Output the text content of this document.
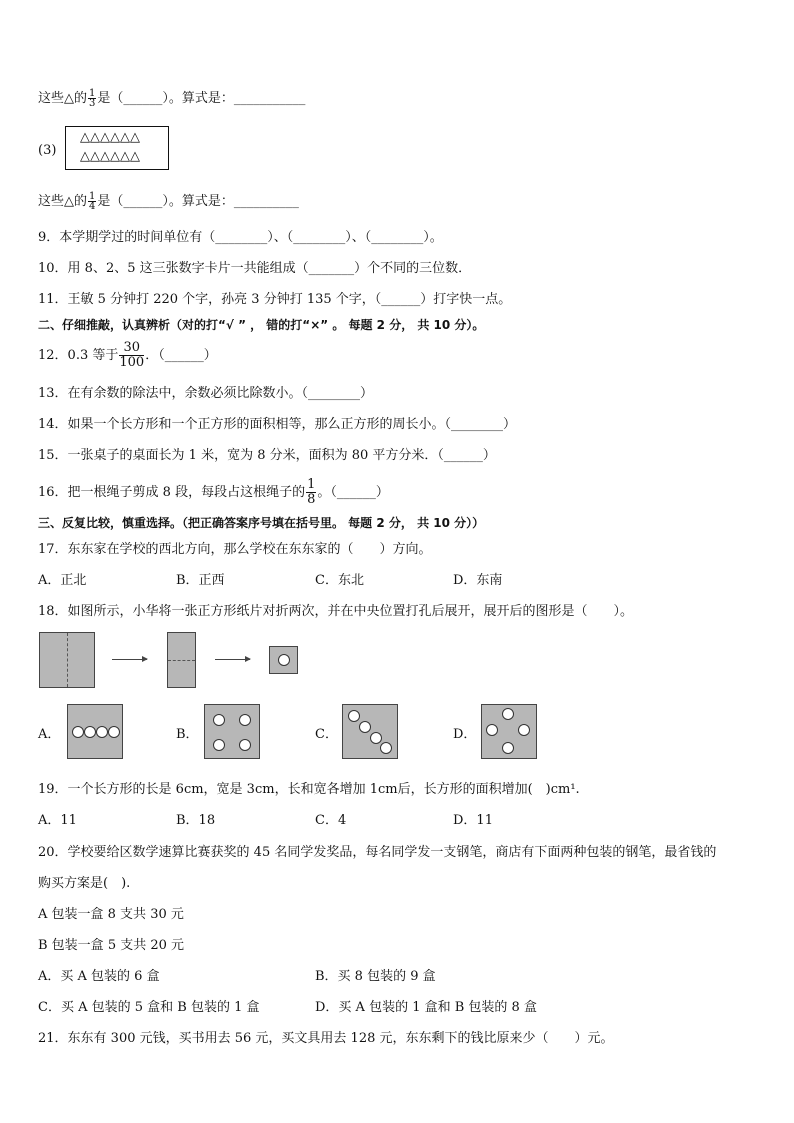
这些△的 $\frac{1}{3}$ 是（______）。算式是：___________
(3)
△△△△△△
△△△△△△
这些△的 $\frac{1}{4}$ 是（______）。算式是：__________
9．本学期学过的时间单位有（________）、（________）、（________）。
10．用 8、2、5 这三张数字卡片一共能组成（_______）个不同的三位数．
11．王敏 5 分钟打 220 个字，孙亮 3 分钟打 135 个字，（______）打字快一点。
二、仔细推敲，认真辨析（对的打“√ ” ， 错的打“×” 。 每题 2 分， 共 10 分）。
12．0.3 等于 $\frac{30}{100}$ ．（______）
13．在有余数的除法中，余数必须比除数小。（________）
14．如果一个长方形和一个正方形的面积相等，那么正方形的周长小。（________）
15．一张桌子的桌面长为 1 米，宽为 8 分米，面积为 80 平方分米．（______）
16．把一根绳子剪成 8 段，每段占这根绳子的 $\frac{1}{8}$ 。（______）
三、反复比较，慎重选择。（把正确答案序号填在括号里。 每题 2 分， 共 10 分））
17．东东家在学校的西北方向，那么学校在东东家的（　　）方向。
A．正北	B．正西	C．东北	D．东南
18．如图所示，小华将一张正方形纸片对折两次，并在中央位置打孔后展开，展开后的图形是（　　）。
A．	B．	C．	D．
19．一个长方形的长是 6cm，宽是 3cm，长和宽各增加 1cm后，长方形的面积增加(　)cm¹.
A．11	B．18	C．4	D．11
20．学校要给区数学速算比赛获奖的 45 名同学发奖品，每名同学发一支钢笔，商店有下面两种包装的钢笔，最省钱的
购买方案是(　).
A 包装一盒 8 支共 30 元
B 包装一盒 5 支共 20 元
A．买 A 包装的 6 盒	B．买 8 包装的 9 盒
C．买 A 包装的 5 盒和 B 包装的 1 盒	D．买 A 包装的 1 盒和 B 包装的 8 盒
21．东东有 300 元钱，买书用去 56 元，买文具用去 128 元，东东剩下的钱比原来少（　　）元。
